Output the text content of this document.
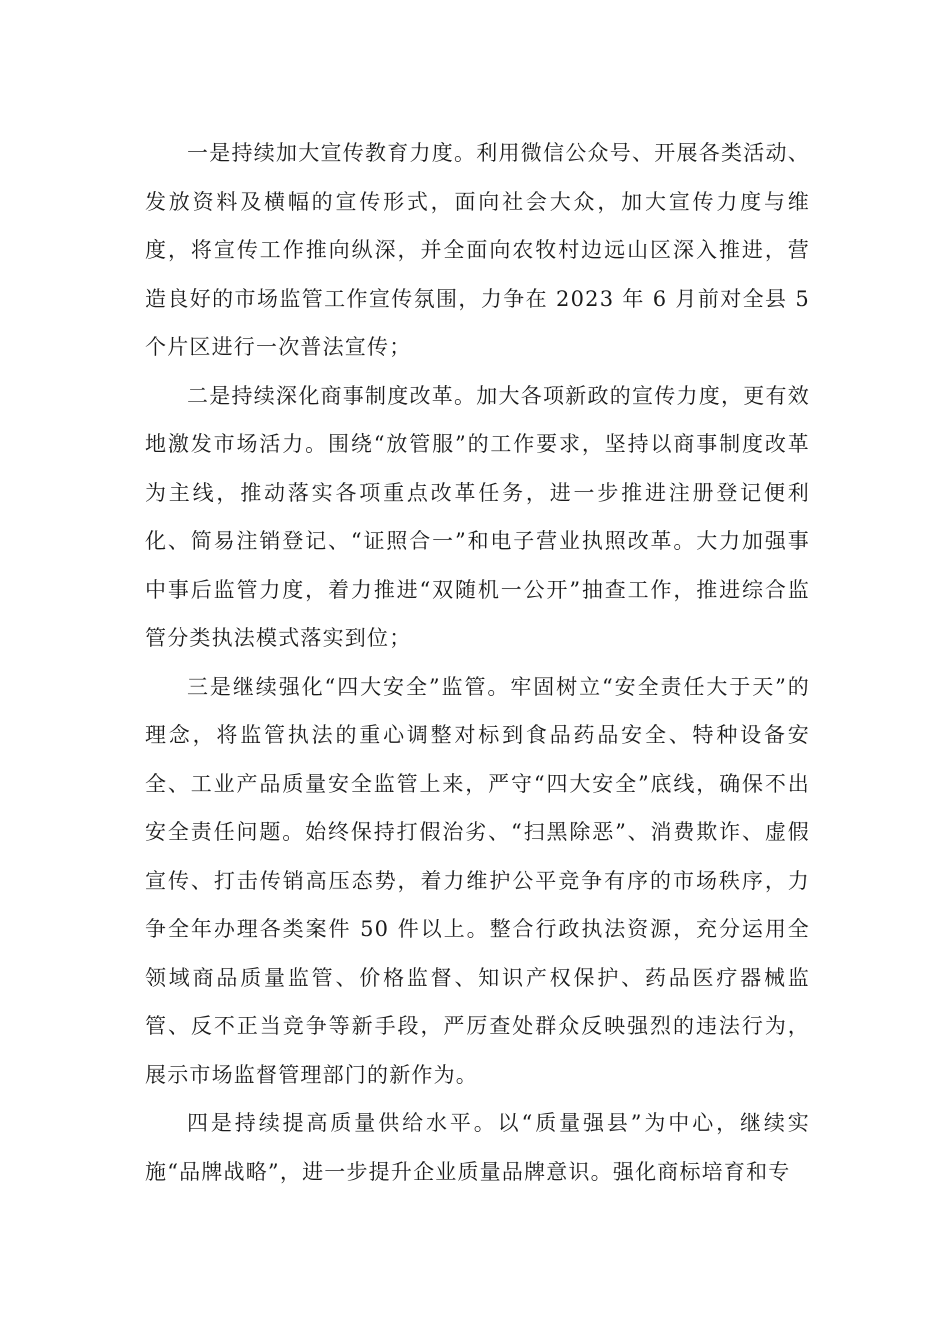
一是持续加大宣传教育力度。利用微信公众号、开展各类活动、发放资料及横幅的宣传形式，面向社会大众，加大宣传力度与维度，将宣传工作推向纵深，并全面向农牧村边远山区深入推进，营造良好的市场监管工作宣传氛围，力争在 2023 年 6 月前对全县 5 个片区进行一次普法宣传；

二是持续深化商事制度改革。加大各项新政的宣传力度，更有效地激发市场活力。围绕“放管服”的工作要求，坚持以商事制度改革为主线，推动落实各项重点改革任务，进一步推进注册登记便利化、简易注销登记、“证照合一”和电子营业执照改革。大力加强事中事后监管力度，着力推进“双随机一公开”抽查工作，推进综合监管分类执法模式落实到位；

三是继续强化“四大安全”监管。牢固树立“安全责任大于天”的理念，将监管执法的重心调整对标到食品药品安全、特种设备安全、工业产品质量安全监管上来，严守“四大安全”底线，确保不出安全责任问题。始终保持打假治劣、“扫黑除恶”、消费欺诈、虚假宣传、打击传销高压态势，着力维护公平竞争有序的市场秩序，力争全年办理各类案件 50 件以上。整合行政执法资源，充分运用全领域商品质量监管、价格监督、知识产权保护、药品医疗器械监管、反不正当竞争等新手段，严厉查处群众反映强烈的违法行为，展示市场监督管理部门的新作为。

四是持续提高质量供给水平。以“质量强县”为中心，继续实施“品牌战略”，进一步提升企业质量品牌意识。强化商标培育和专
